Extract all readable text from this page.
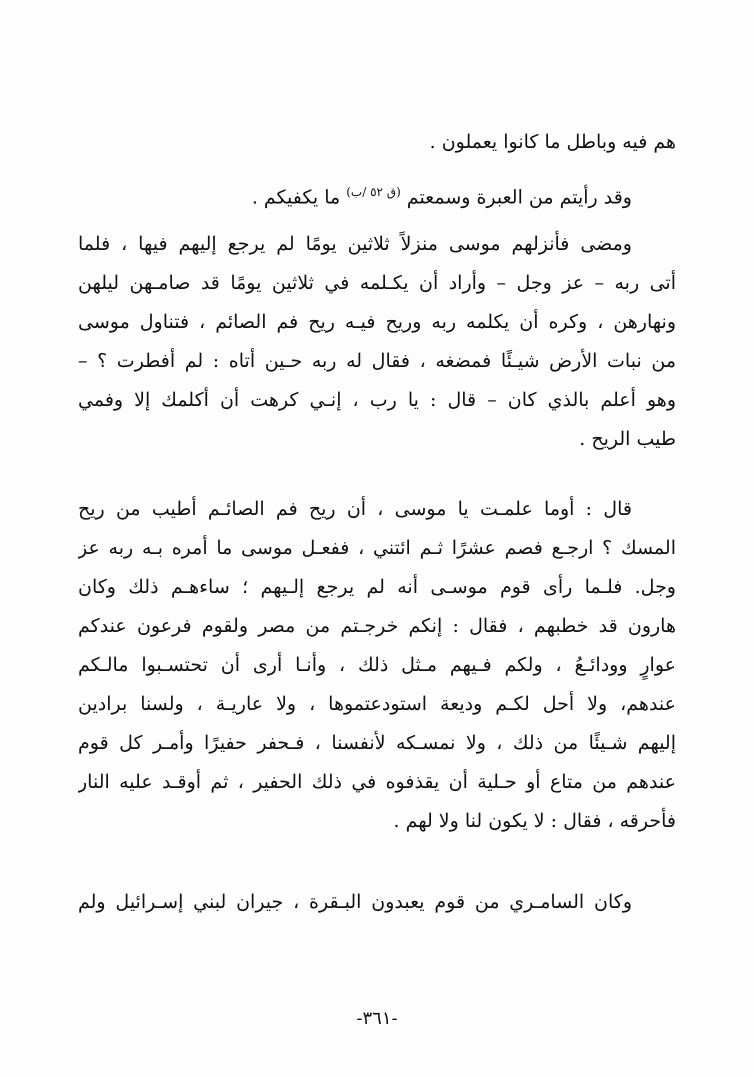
هم فيه وباطل ما كانوا يعملون .
وقد رأيتم من العبرة وسمعتم $^{(ق ٥٢ /ب)}$ ما يكفيكم .
ومضى فأنزلهم موسى منزلاً ثلاثين يومًا لم يرجع إليهم فيها ، فلما
أتى ربه – عز وجل – وأراد أن يكـلمه في ثلاثين يومًا قد صامـهن ليلهن
ونهارهن ، وكره أن يكلمه ربه وريح فيـه ريح فم الصائم ، فتناول موسى
من نبات الأرض شيـئًا فمضغه ، فقال له ربه حـين أتاه : لم أفطرت ؟ –
وهو أعلم بالذي كان – قال : يا رب ، إنـي كرهت أن أكلمك إلا وفمي
طيب الريح .
قال : أوما علمـت يا موسى ، أن ريح فم الصائـم أطيب من ريح
المسك ؟ ارجـع فصم عشرًا ثـم ائتني ، ففعـل موسى ما أمره بـه ربه عز
وجل. فلـما رأى قوم موسـى أنه لم يرجع إلـيهم ؛ ساءهـم ذلك وكان
هارون قد خطبهم ، فقال : إنكم خرجـتم من مصر ولقوم فرعون عندكم
عوارٍ وودائـعُ ، ولكم فـيهم مـثل ذلك ، وأنـا أرى أن تحتسـبوا مالـكم
عندهم، ولا أحل لكـم وديعة استودعتموها ، ولا عاريـة ، ولسنا برادين
إليهم شـيئًا من ذلك ، ولا نمسـكه لأنفسنا ، فـحفر حفيرًا وأمـر كل قوم
عندهم من متاع أو حـلية أن يقذفوه في ذلك الحفير ، ثم أوقـد عليه النار
فأحرقه ، فقال : لا يكون لنا ولا لهم .
وكان السامـري من قوم يعبدون البـقرة ، جيران لبني إسـرائيل ولم
-٣٦١-
